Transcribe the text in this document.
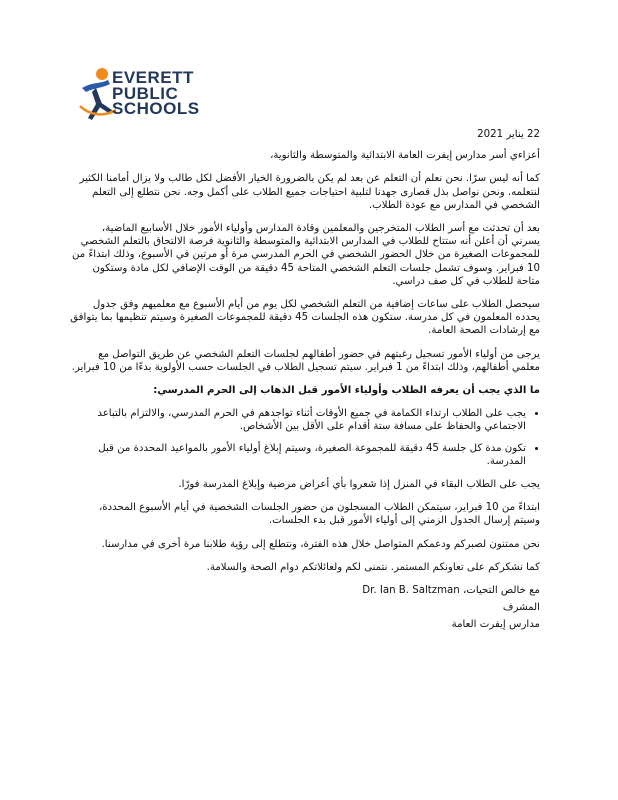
EVERETT
PUBLIC
SCHOOLS

22 يناير 2021

أعزاءي أسر مدارس إيفرت العامة الابتدائية والمتوسطة والثانوية،

كما أنه ليس سرًا. نحن نعلم أن التعلم عن بعد لم يكن بالضرورة الخيار الأفضل لكل طالب ولا يزال أمامنا الكثير لنتعلمه. ونحن نواصل بذل قصارى جهدنا لتلبية احتياجات جميع الطلاب على أكمل وجه. نحن نتطلع إلى التعلم الشخصي في المدارس مع عودة الطلاب.

بعد أن تحدثت مع أسر الطلاب المتخرجين والمعلمين وقادة المدارس وأولياء الأمور خلال الأسابيع الماضية، يسرني أن أعلن أنه ستتاح للطلاب في المدارس الابتدائية والمتوسطة والثانوية فرصة الالتحاق بالتعلم الشخصي للمجموعات الصغيرة من خلال الحضور الشخصي في الحرم المدرسي مرة أو مرتين في الأسبوع، وذلك ابتداءً من 10 فبراير. وسوف تشمل جلسات التعلم الشخصي المتاحة 45 دقيقة من الوقت الإضافي لكل مادة وستكون متاحة للطلاب في كل صف دراسي.

سيحصل الطلاب على ساعات إضافية من التعلم الشخصي لكل يوم من أيام الأسبوع مع معلميهم وفق جدول يحدده المعلمون في كل مدرسة. ستكون هذه الجلسات 45 دقيقة للمجموعات الصغيرة وسيتم تنظيمها بما يتوافق مع إرشادات الصحة العامة.

يرجى من أولياء الأمور تسجيل رغبتهم في حضور أطفالهم لجلسات التعلم الشخصي عن طريق التواصل مع معلمي أطفالهم، وذلك ابتداءً من 1 فبراير. سيتم تسجيل الطلاب في الجلسات حسب الأولوية بدءًا من 10 فبراير.

ما الذي يجب أن يعرفه الطلاب وأولياء الأمور قبل الذهاب إلى الحرم المدرسي:

• يجب على الطلاب ارتداء الكمامة في جميع الأوقات أثناء تواجدهم في الحرم المدرسي، والالتزام بالتباعد الاجتماعي والحفاظ على مسافة ستة أقدام على الأقل بين الأشخاص.
• تكون مدة كل جلسة 45 دقيقة للمجموعة الصغيرة، وسيتم إبلاغ أولياء الأمور بالمواعيد المحددة من قبل المدرسة.

يجب على الطلاب البقاء في المنزل إذا شعروا بأي أعراض مرضية وإبلاغ المدرسة فورًا.

ابتداءً من 10 فبراير، سيتمكن الطلاب المسجلون من حضور الجلسات الشخصية في أيام الأسبوع المحددة، وسيتم إرسال الجدول الزمني إلى أولياء الأمور قبل بدء الجلسات.

نحن ممتنون لصبركم ودعمكم المتواصل خلال هذه الفترة، ونتطلع إلى رؤية طلابنا مرة أخرى في مدارسنا.

كما نشكركم على تعاونكم المستمر. نتمنى لكم ولعائلاتكم دوام الصحة والسلامة.

مع خالص التحيات، Dr. Ian B. Saltzman

المشرف

مدارس إيفرت العامة
